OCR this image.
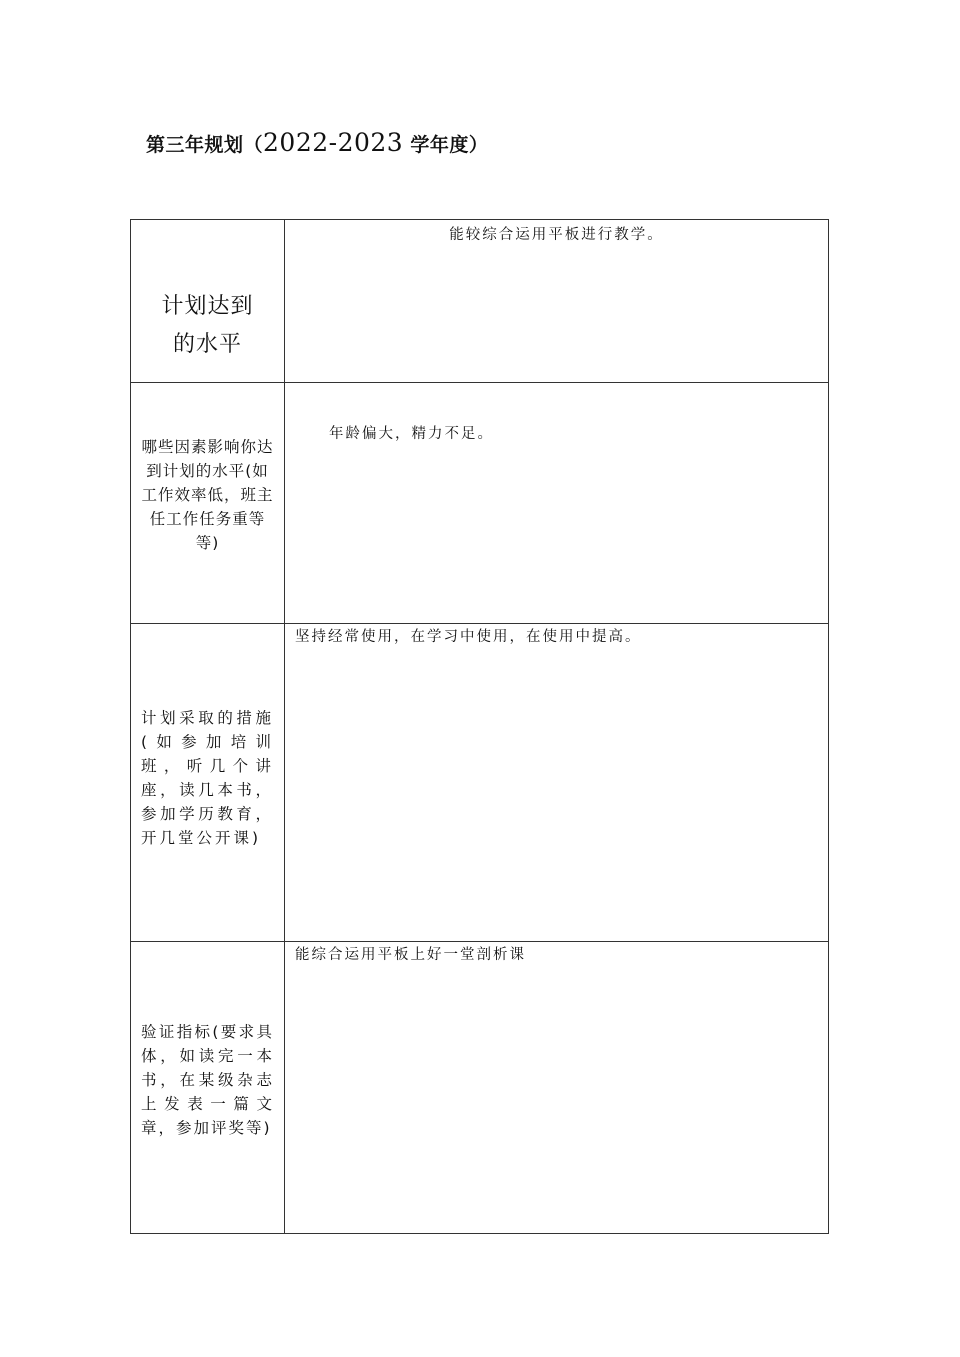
第三年规划（2022-2023 学年度）
计划达到
的水平	能较综合运用平板进行教学。

哪些因素影响你达到计划的水平(如工作效率低，班主任工作任务重等等)	年龄偏大，精力不足。

计划采取的措施(如参加培训班，听几个讲座，读几本书，参加学历教育，开几堂公开课)	坚持经常使用，在学习中使用，在使用中提高。

验证指标(要求具体，如读完一本书，在某级杂志上发表一篇文章，参加评奖等)	能综合运用平板上好一堂剖析课
